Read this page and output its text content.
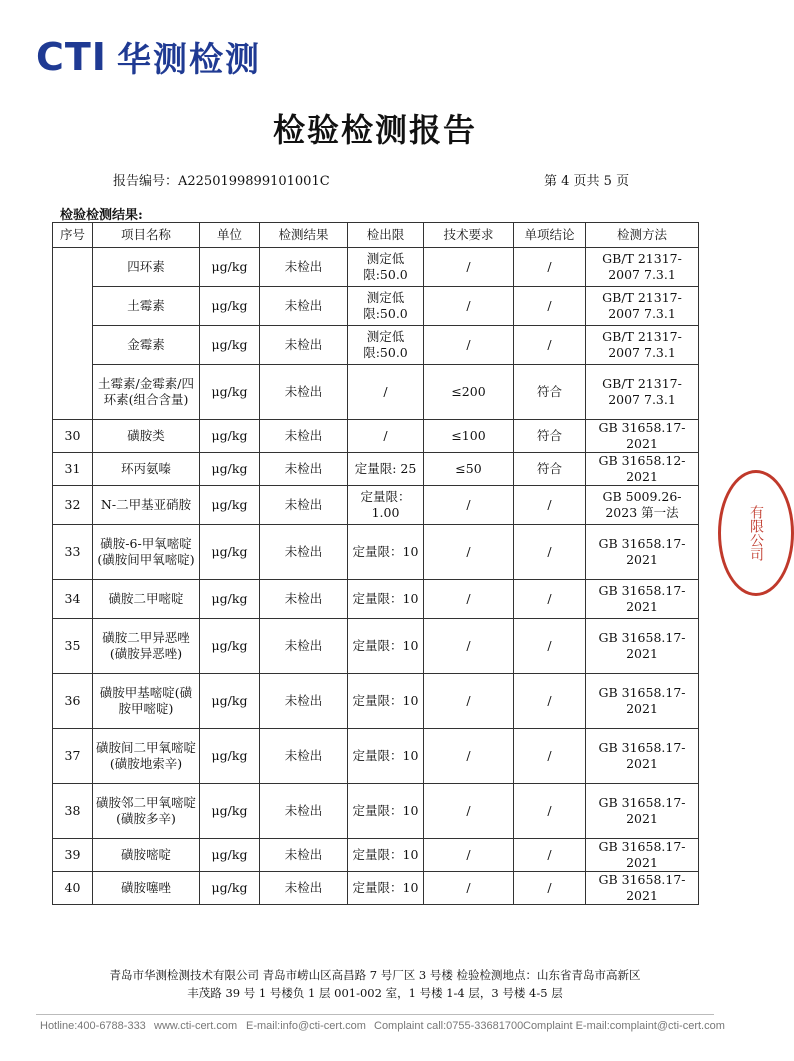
CTI 华测检测
检验检测报告
报告编号：A2250199899101001C	第 4 页共 5 页
检验检测结果:
序号	项目名称	单位	检测结果	检出限	技术要求	单项结论	检测方法
	四环素	μg/kg	未检出	测定低限:50.0	/	/	GB/T 21317-2007 7.3.1
	土霉素	μg/kg	未检出	测定低限:50.0	/	/	GB/T 21317-2007 7.3.1
	金霉素	μg/kg	未检出	测定低限:50.0	/	/	GB/T 21317-2007 7.3.1
	土霉素/金霉素/四环素(组合含量)	μg/kg	未检出	/	≤200	符合	GB/T 21317-2007 7.3.1
30	磺胺类	μg/kg	未检出	/	≤100	符合	GB 31658.17-2021
31	环丙氨嗪	μg/kg	未检出	定量限: 25	≤50	符合	GB 31658.12-2021
32	N-二甲基亚硝胺	μg/kg	未检出	定量限：1.00	/	/	GB 5009.26-2023 第一法
33	磺胺-6-甲氧嘧啶(磺胺间甲氧嘧啶)	μg/kg	未检出	定量限：10	/	/	GB 31658.17-2021
34	磺胺二甲嘧啶	μg/kg	未检出	定量限：10	/	/	GB 31658.17-2021
35	磺胺二甲异恶唑(磺胺异恶唑)	μg/kg	未检出	定量限：10	/	/	GB 31658.17-2021
36	磺胺甲基嘧啶(磺胺甲嘧啶)	μg/kg	未检出	定量限：10	/	/	GB 31658.17-2021
37	磺胺间二甲氧嘧啶(磺胺地索辛)	μg/kg	未检出	定量限：10	/	/	GB 31658.17-2021
38	磺胺邻二甲氧嘧啶(磺胺多辛)	μg/kg	未检出	定量限：10	/	/	GB 31658.17-2021
39	磺胺嘧啶	μg/kg	未检出	定量限：10	/	/	GB 31658.17-2021
40	磺胺噻唑	μg/kg	未检出	定量限：10	/	/	GB 31658.17-2021
有限公司
青岛市华测检测技术有限公司 青岛市崂山区高昌路 7 号厂区 3 号楼 检验检测地点：山东省青岛市高新区
丰茂路 39 号 1 号楼负 1 层 001-002 室，1 号楼 1-4 层，3 号楼 4-5 层
Hotline:400-6788-333 www.cti-cert.com E-mail:info@cti-cert.com Complaint call:0755-33681700 Complaint E-mail:complaint@cti-cert.com
